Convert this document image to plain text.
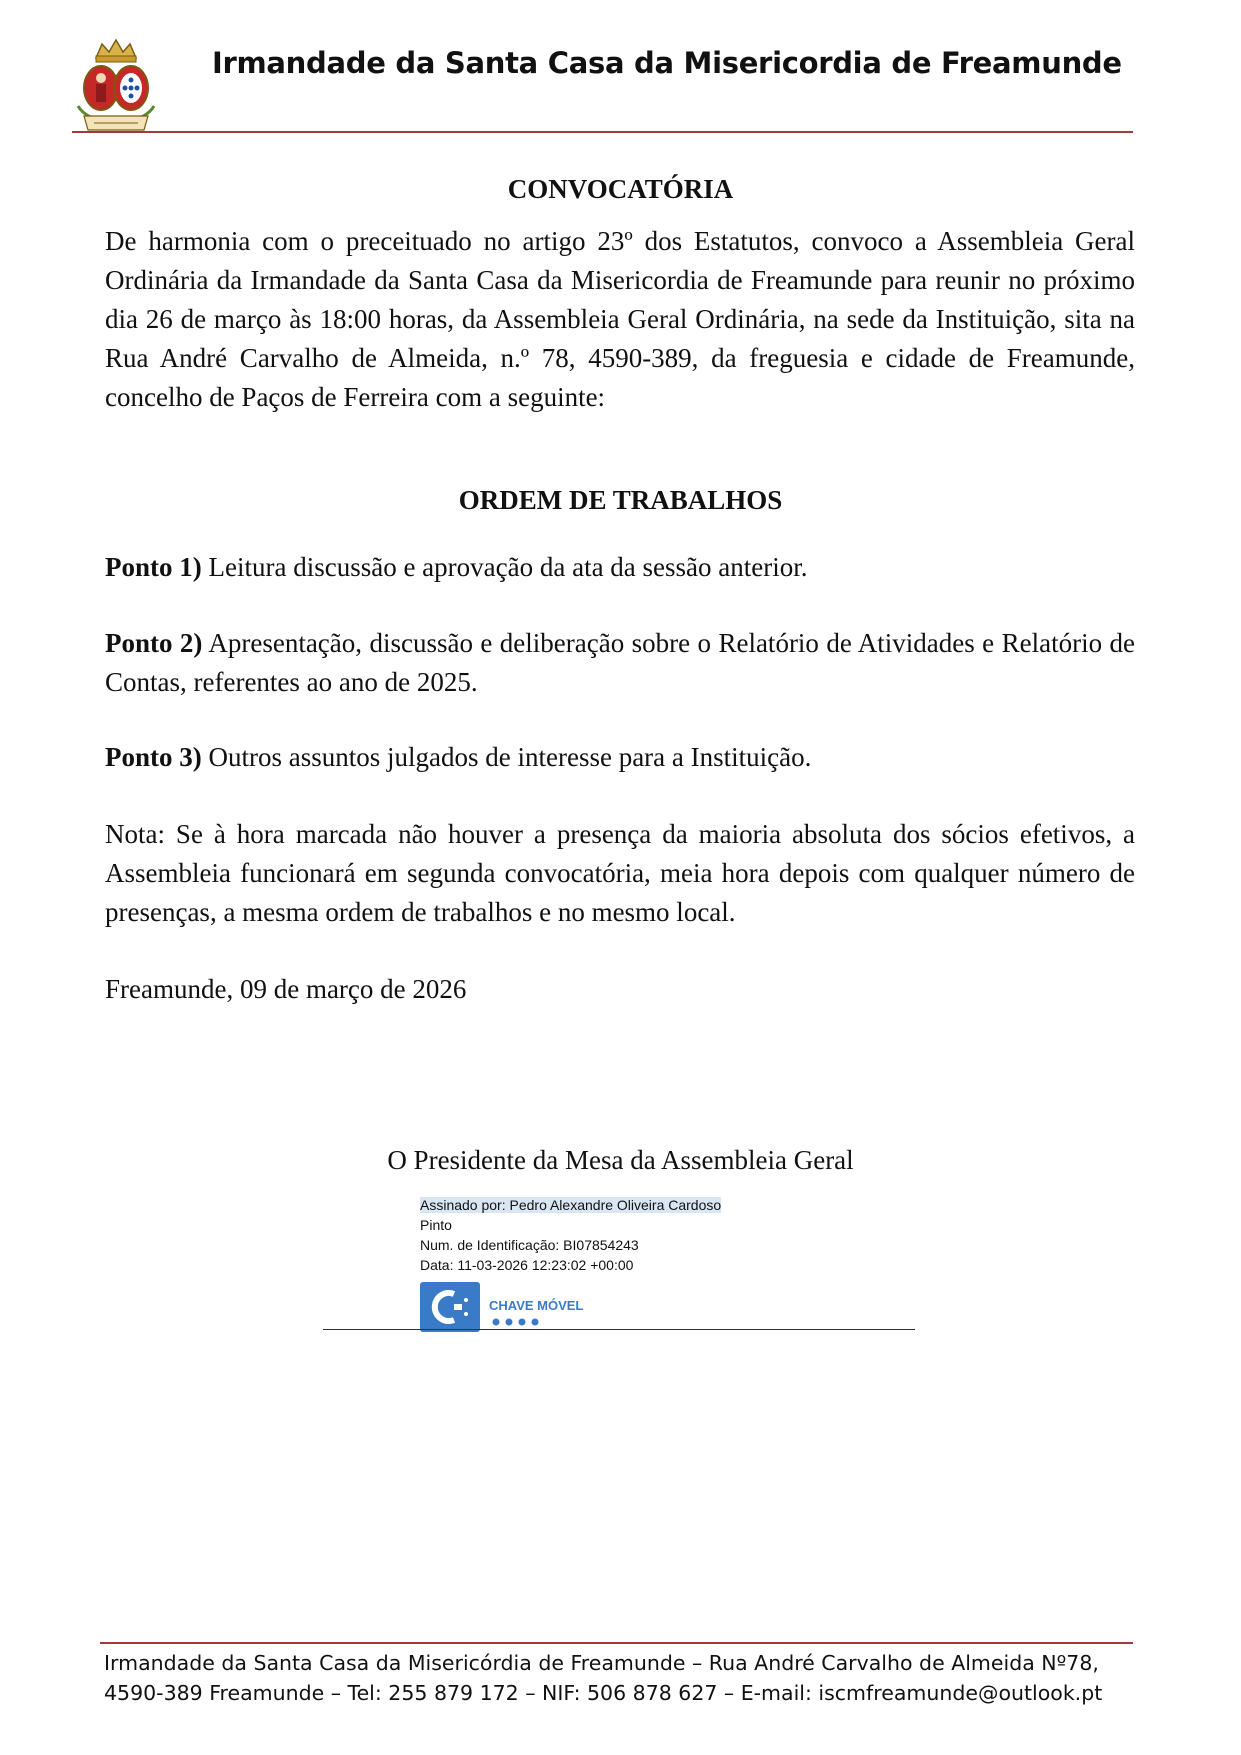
Irmandade da Santa Casa da Misericordia de Freamunde
CONVOCATÓRIA
De harmonia com o preceituado no artigo 23º dos Estatutos, convoco a Assembleia Geral Ordinária da Irmandade da Santa Casa da Misericordia de Freamunde para reunir no próximo dia 26 de março às 18:00 horas, da Assembleia Geral Ordinária, na sede da Instituição, sita na Rua André Carvalho de Almeida, n.º 78, 4590-389, da freguesia e cidade de Freamunde, concelho de Paços de Ferreira com a seguinte:
ORDEM DE TRABALHOS
Ponto 1) Leitura discussão e aprovação da ata da sessão anterior.
Ponto 2) Apresentação, discussão e deliberação sobre o Relatório de Atividades e Relatório de Contas, referentes ao ano de 2025.
Ponto 3) Outros assuntos julgados de interesse para a Instituição.
Nota: Se à hora marcada não houver a presença da maioria absoluta dos sócios efetivos, a Assembleia funcionará em segunda convocatória, meia hora depois com qualquer número de presenças, a mesma ordem de trabalhos e no mesmo local.
Freamunde, 09 de março de 2026
O Presidente da Mesa da Assembleia Geral
Assinado por: Pedro Alexandre Oliveira Cardoso
Pinto
Num. de Identificação: BI07854243
Data: 11-03-2026 12:23:02 +00:00
CHAVE MÓVEL
Irmandade da Santa Casa da Misericórdia de Freamunde – Rua André Carvalho de Almeida Nº78,
4590-389 Freamunde – Tel: 255 879 172 – NIF: 506 878 627 – E-mail: iscmfreamunde@outlook.pt
